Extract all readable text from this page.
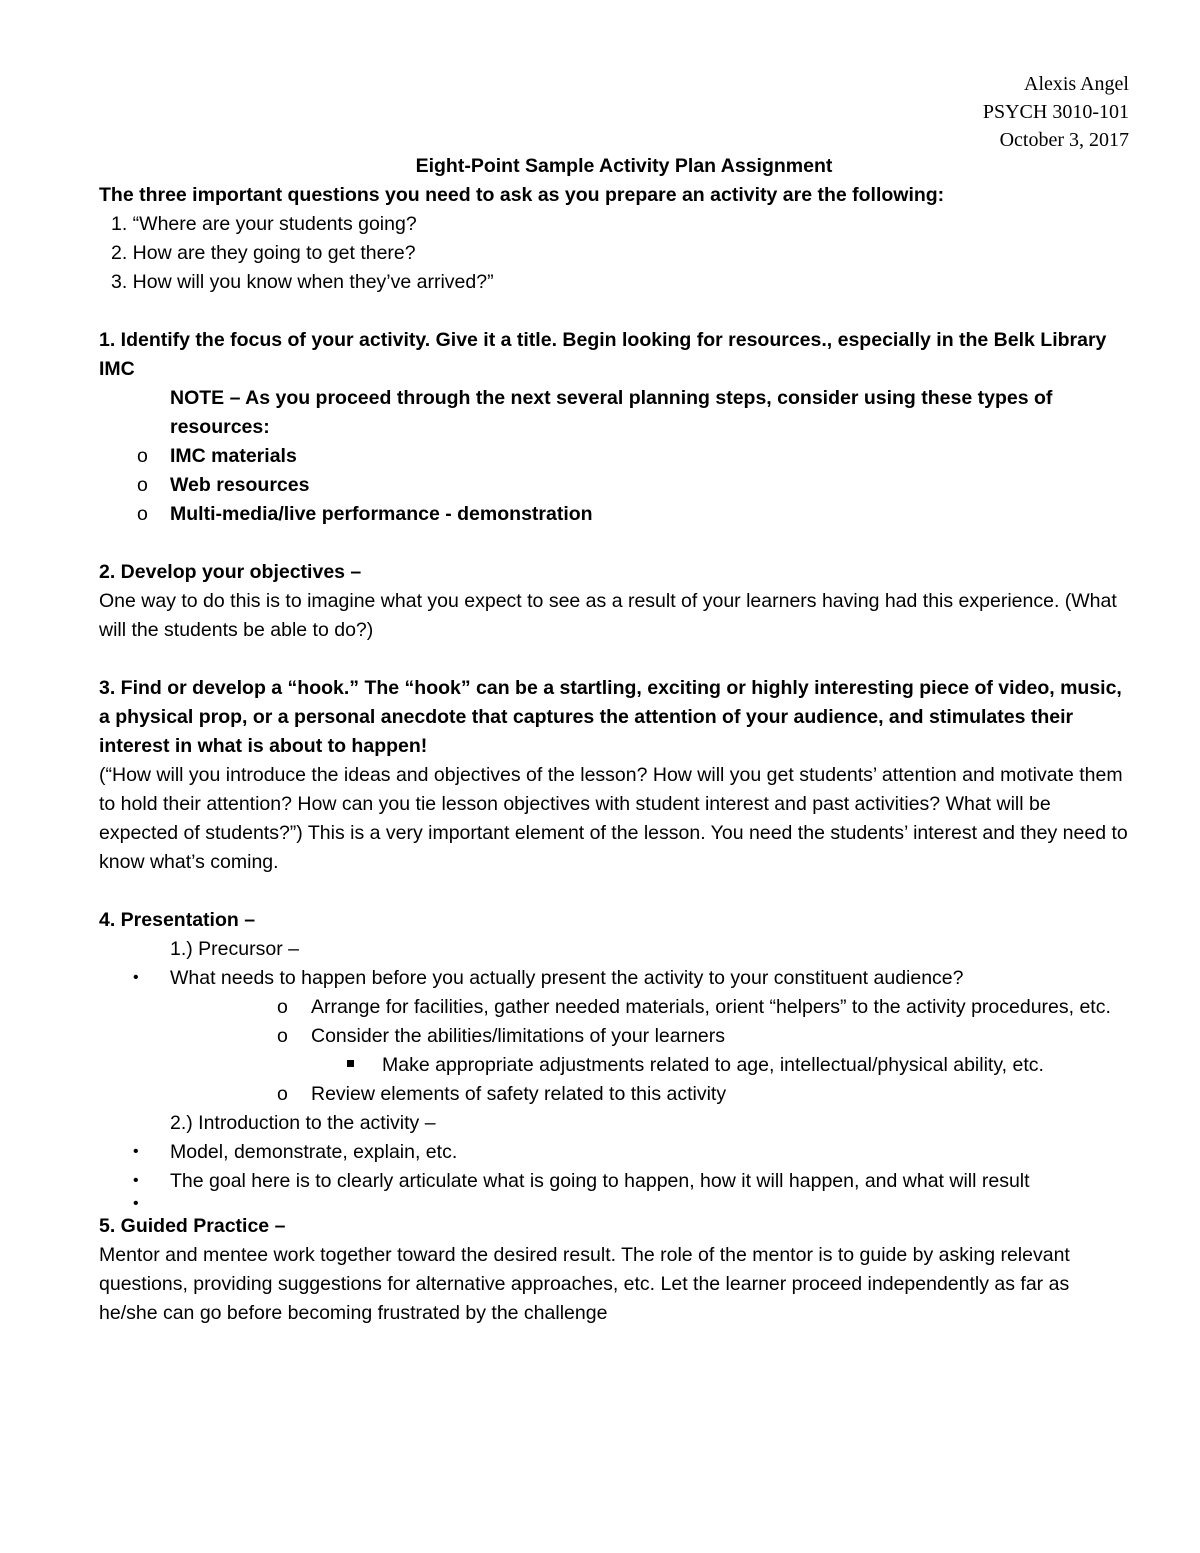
Alexis Angel
PSYCH 3010-101
October 3, 2017

Eight-Point Sample Activity Plan Assignment

The three important questions you need to ask as you prepare an activity are the following:

1. “Where are your students going?

2. How are they going to get there?

3. How will you know when they’ve arrived?”

1. Identify the focus of your activity. Give it a title. Begin looking for resources., especially in the Belk Library IMC

NOTE – As you proceed through the next several planning steps, consider using these types of resources:

o IMC materials
o Web resources
o Multi-media/live performance - demonstration

2. Develop your objectives –

One way to do this is to imagine what you expect to see as a result of your learners having had this experience. (What will the students be able to do?)

3. Find or develop a “hook.” The “hook” can be a startling, exciting or highly interesting piece of video, music, a physical prop, or a personal anecdote that captures the attention of your audience, and stimulates their interest in what is about to happen!

(“How will you introduce the ideas and objectives of the lesson? How will you get students’ attention and motivate them to hold their attention? How can you tie lesson objectives with student interest and past activities? What will be expected of students?”) This is a very important element of the lesson. You need the students’ interest and they need to know what’s coming.

4. Presentation –

1.) Precursor –

• What needs to happen before you actually present the activity to your constituent audience?
o Arrange for facilities, gather needed materials, orient “helpers” to the activity procedures, etc.
o Consider the abilities/limitations of your learners
Make appropriate adjustments related to age, intellectual/physical ability, etc.
o Review elements of safety related to this activity

2.) Introduction to the activity –

• Model, demonstrate, explain, etc.
• The goal here is to clearly articulate what is going to happen, how it will happen, and what will result
•

5. Guided Practice –

Mentor and mentee work together toward the desired result. The role of the mentor is to guide by asking relevant questions, providing suggestions for alternative approaches, etc. Let the learner proceed independently as far as he/she can go before becoming frustrated by the challenge
